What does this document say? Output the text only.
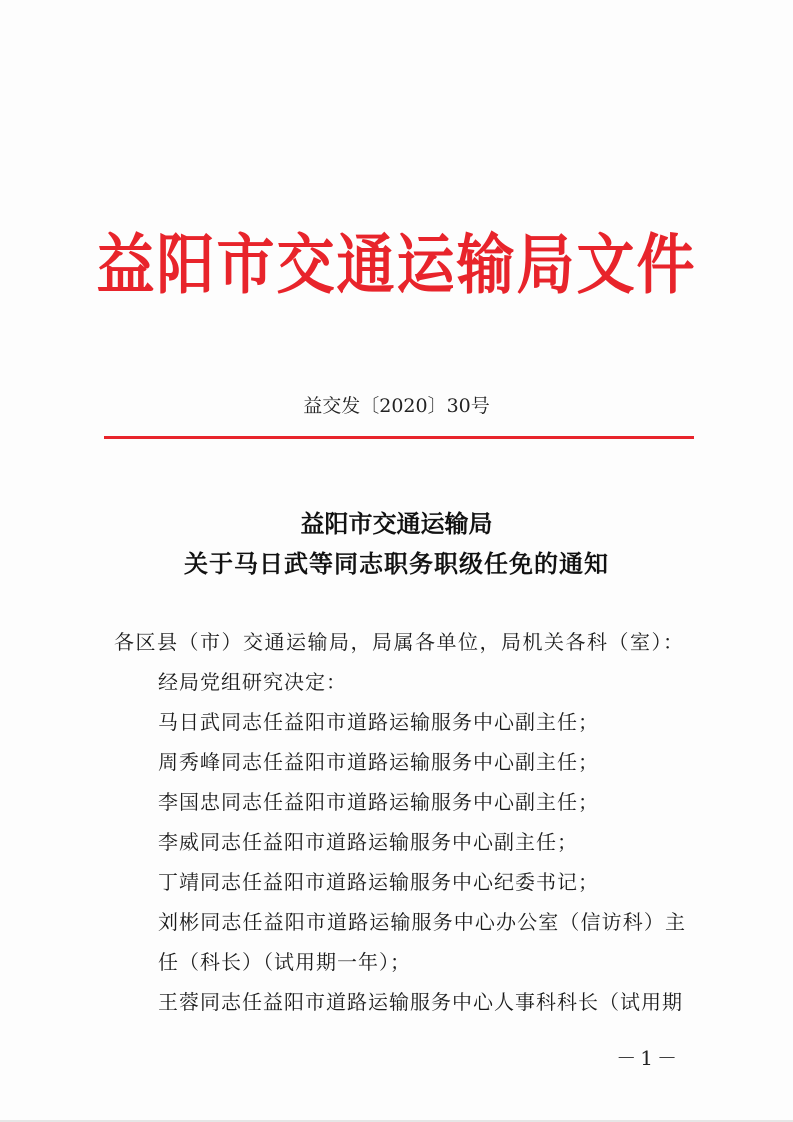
益阳市交通运输局文件
益交发〔2020〕30号
益阳市交通运输局
关于马日武等同志职务职级任免的通知

各区县（市）交通运输局，局属各单位，局机关各科（室）：

经局党组研究决定：

马日武同志任益阳市道路运输服务中心副主任；

周秀峰同志任益阳市道路运输服务中心副主任；

李国忠同志任益阳市道路运输服务中心副主任；

李威同志任益阳市道路运输服务中心副主任；

丁靖同志任益阳市道路运输服务中心纪委书记；

刘彬同志任益阳市道路运输服务中心办公室（信访科）主任（科长）（试用期一年）；

王蓉同志任益阳市道路运输服务中心人事科科长（试用期

－1－
